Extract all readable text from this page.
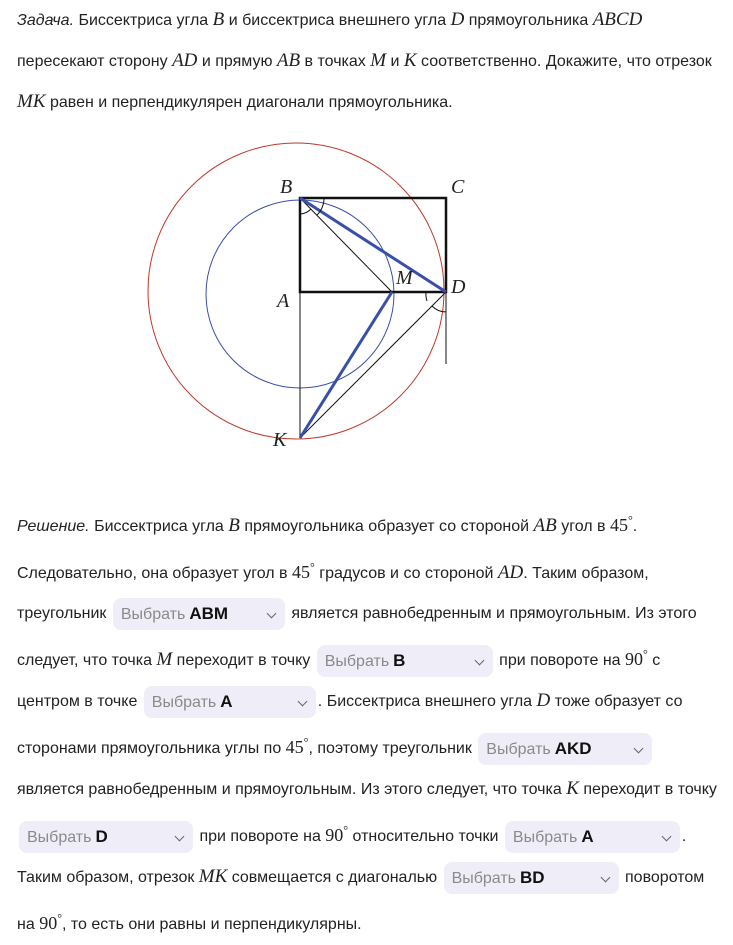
Задача. Биссектриса угла B и биссектриса внешнего угла D прямоугольника ABCD пересекают сторону AD и прямую AB в точках M и K соответственно. Докажите, что отрезок MK равен и перпендикулярен диагонали прямоугольника.

B	C
A
M D
K

Решение. Биссектриса угла B прямоугольника образует со стороной AB угол в 45°. Следовательно, она образует угол в 45° градусов и со стороной AD. Таким образом, треугольник Выбрать ABM	является равнобедренным и прямоугольным. Из этого следует, что точка M переходит в точку Выбрать B	при повороте на 90° с центром в точке Выбрать A	. Биссектриса внешнего угла D тоже образует со сторонами прямоугольника углы по 45°, поэтому треугольник Выбрать AKD
является равнобедренным и прямоугольным. Из этого следует, что точка K переходит в точку Выбрать D	при повороте на 90° относительно точки Выбрать A	. Таким образом, отрезок MK совмещается с диагональю Выбрать BD	поворотом на 90°, то есть они равны и перпендикулярны.
